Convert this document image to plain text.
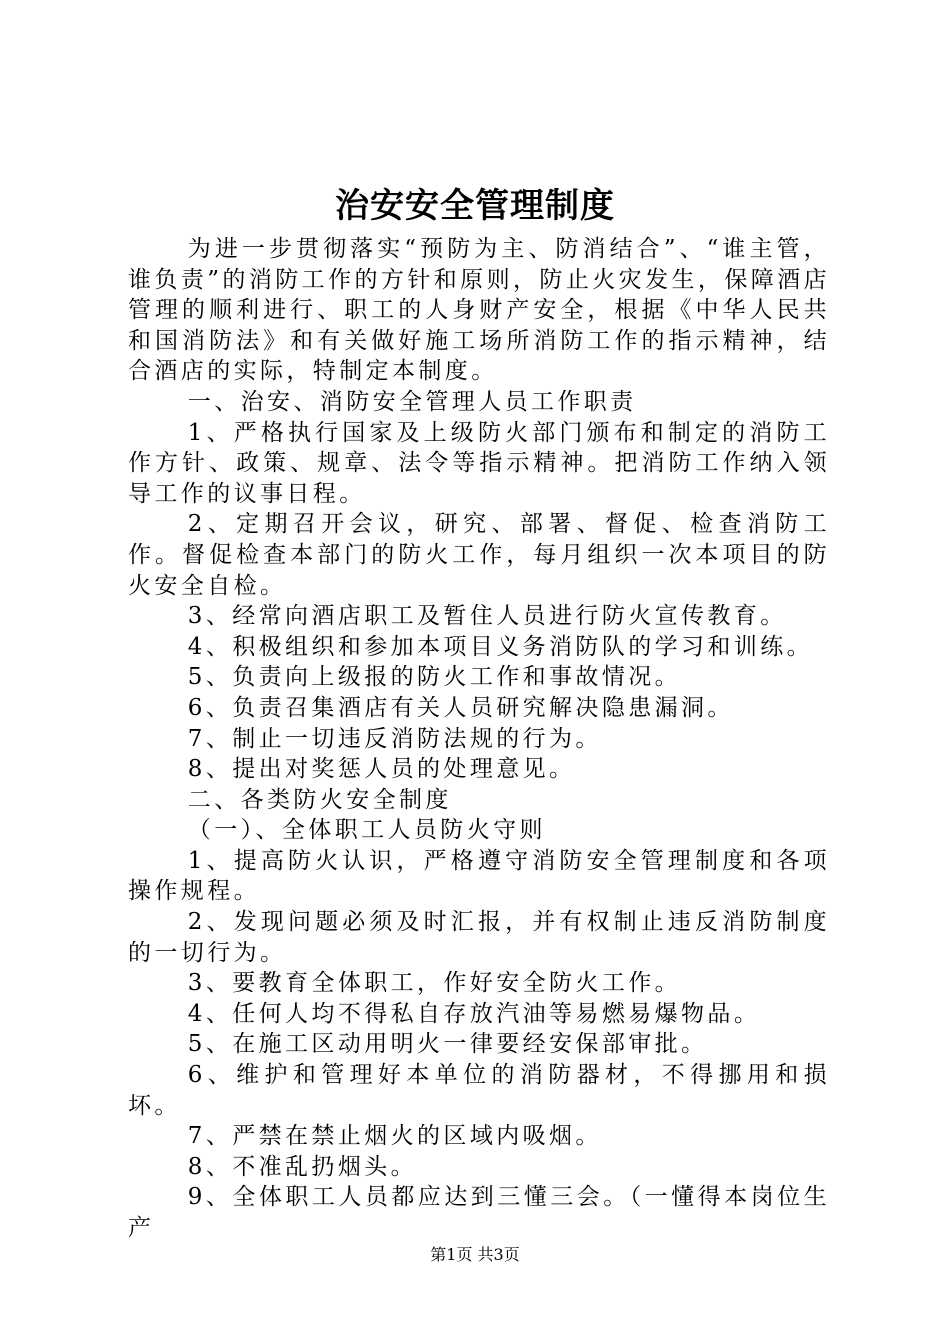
治安安全管理制度

为进一步贯彻落实“预防为主、防消结合”、“谁主管，谁负责”的消防工作的方针和原则，防止火灾发生，保障酒店管理的顺利进行、职工的人身财产安全，根据《中华人民共和国消防法》和有关做好施工场所消防工作的指示精神，结合酒店的实际，特制定本制度。

一、治安、消防安全管理人员工作职责

1、严格执行国家及上级防火部门颁布和制定的消防工作方针、政策、规章、法令等指示精神。把消防工作纳入领导工作的议事日程。

2、定期召开会议，研究、部署、督促、检查消防工作。督促检查本部门的防火工作，每月组织一次本项目的防火安全自检。

3、经常向酒店职工及暂住人员进行防火宣传教育。

4、积极组织和参加本项目义务消防队的学习和训练。

5、负责向上级报的防火工作和事故情况。

6、负责召集酒店有关人员研究解决隐患漏洞。

7、制止一切违反消防法规的行为。

8、提出对奖惩人员的处理意见。

二、各类防火安全制度

（一）、全体职工人员防火守则

1、提高防火认识，严格遵守消防安全管理制度和各项操作规程。

2、发现问题必须及时汇报，并有权制止违反消防制度的一切行为。

3、要教育全体职工，作好安全防火工作。

4、任何人均不得私自存放汽油等易燃易爆物品。

5、在施工区动用明火一律要经安保部审批。

6、维护和管理好本单位的消防器材，不得挪用和损坏。

7、严禁在禁止烟火的区域内吸烟。

8、不准乱扔烟头。

9、全体职工人员都应达到三懂三会。（一懂得本岗位生产

第1页 共3页
